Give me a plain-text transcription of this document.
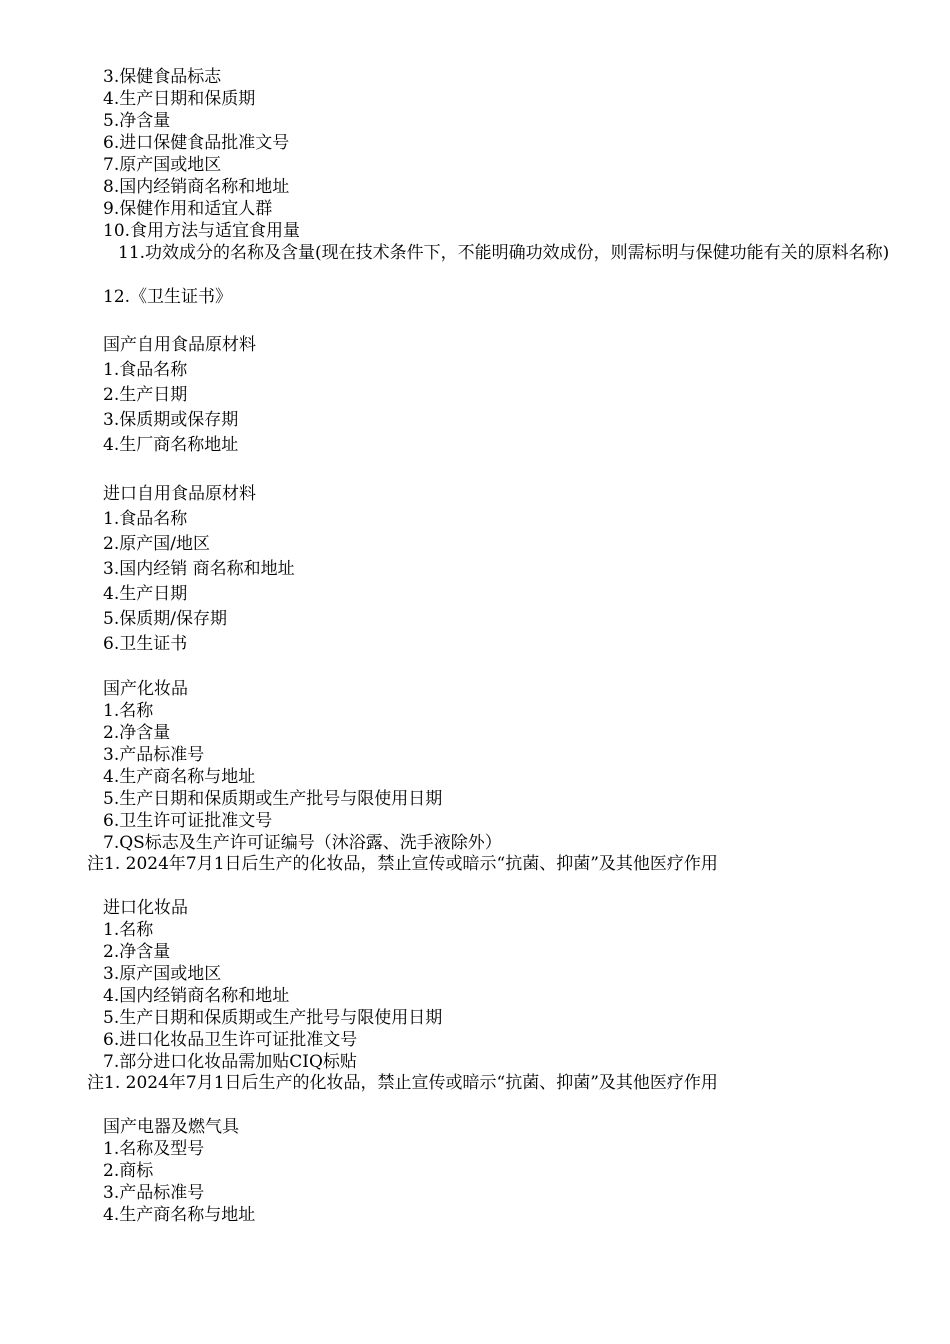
3.保健食品标志
4.生产日期和保质期
5.净含量
6.进口保健食品批准文号
7.原产国或地区
8.国内经销商名称和地址
9.保健作用和适宜人群
10.食用方法与适宜食用量
11.功效成分的名称及含量(现在技术条件下，不能明确功效成份，则需标明与保健功能有关的原料名称)
12.《卫生证书》
国产自用食品原材料
1.食品名称
2.生产日期
3.保质期或保存期
4.生厂商名称地址
进口自用食品原材料
1.食品名称
2.原产国/地区
3.国内经销 商名称和地址
4.生产日期
5.保质期/保存期
6.卫生证书
国产化妆品
1.名称
2.净含量
3.产品标准号
4.生产商名称与地址
5.生产日期和保质期或生产批号与限使用日期
6.卫生许可证批准文号
7.QS标志及生产许可证编号（沐浴露、洗手液除外）
注1. 2024年7月1日后生产的化妆品，禁止宣传或暗示“抗菌、抑菌”及其他医疗作用
进口化妆品
1.名称
2.净含量
3.原产国或地区
4.国内经销商名称和地址
5.生产日期和保质期或生产批号与限使用日期
6.进口化妆品卫生许可证批准文号
7.部分进口化妆品需加贴CIQ标贴
注1. 2024年7月1日后生产的化妆品，禁止宣传或暗示“抗菌、抑菌”及其他医疗作用
国产电器及燃气具
1.名称及型号
2.商标
3.产品标准号
4.生产商名称与地址
